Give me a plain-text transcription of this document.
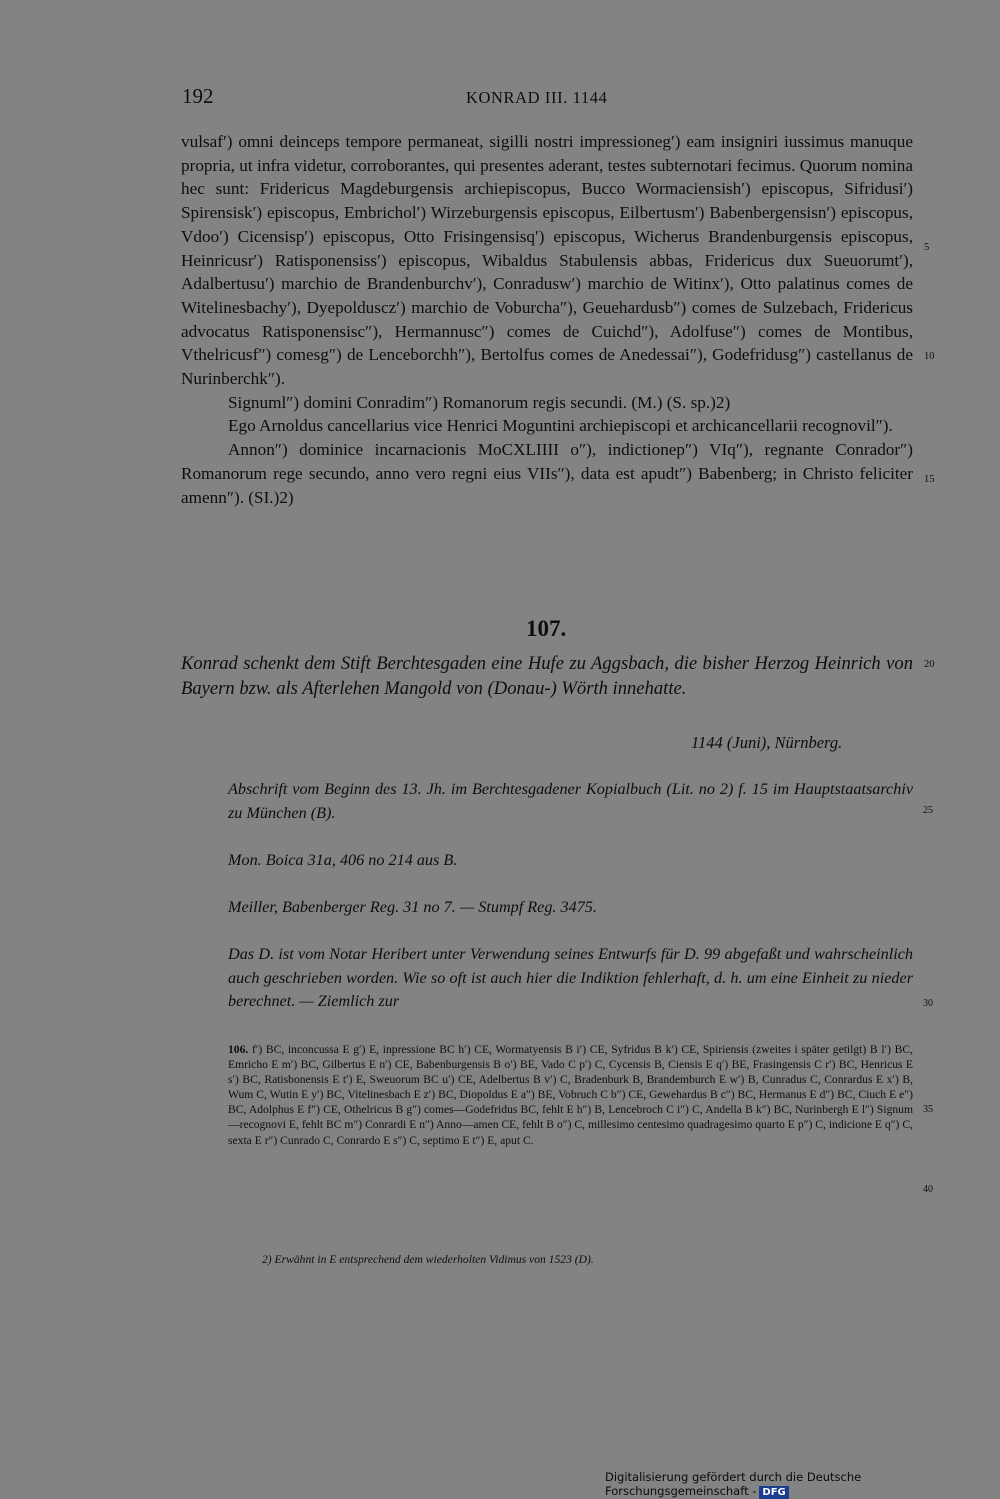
192	KONRAD III. 1144

vulsaf′) omni deinceps tempore permaneat, sigilli nostri impressioneg′) eam insigniri iussimus manuque propria, ut infra videtur, corroborantes, qui presentes aderant, testes subternotari fecimus. Quorum nomina hec sunt: Fridericus Magdeburgensis archiepiscopus, Bucco Wormaciensish′) episcopus, Sifridusi′) Spirensisk′) episcopus, Embrichol′) Wirzeburgensis episcopus, Eilbertusm′) Babenbergensisn′) episcopus, Vdoo′) Cicensisp′) episcopus, Otto Frisingensisq′) episcopus, Wicherus Brandenburgensis episcopus, Heinricusr′) Ratisponensiss′) episcopus, Wibaldus Stabulensis abbas, Fridericus dux Sueuorumt′), Adalbertusu′) marchio de Brandenburchv′), Conradusw′) marchio de Witinx′), Otto palatinus comes de Witelinesbachy′), Dyepolduscz′) marchio de Voburcha″), Geuehardusb″) comes de Sulzebach, Fridericus advocatus Ratisponensisc″), Hermannusc″) comes de Cuichd″), Adolfuse″) comes de Montibus, Vthelricusf″) comesg″) de Lenceborchh″), Bertolfus comes de Anedessai″), Godefridusg″) castellanus de Nurinberchk″).

Signuml″) domini Conradim″) Romanorum regis secundi. (M.) (S. sp.)2)

Ego Arnoldus cancellarius vice Henrici Moguntini archiepiscopi et archicancellarii recognovil″).

Annon″) dominice incarnacionis MoCXLIIII o″), indictionep″) VIq″), regnante Conrador″) Romanorum rege secundo, anno vero regni eius VIIs″), data est apudt″) Babenberg; in Christo feliciter amenn″). (SI.)2)

5
10
15
20
25
30
35
40
107.
Konrad schenkt dem Stift Berchtesgaden eine Hufe zu Aggsbach, die bisher Herzog Heinrich von Bayern bzw. als Afterlehen Mangold von (Donau-) Wörth innehatte.
1144 (Juni), Nürnberg.
Abschrift vom Beginn des 13. Jh. im Berchtesgadener Kopialbuch (Lit. no 2) f. 15 im Hauptstaatsarchiv zu München (B).
Mon. Boica 31a, 406 no 214 aus B.
Meiller, Babenberger Reg. 31 no 7. — Stumpf Reg. 3475.
Das D. ist vom Notar Heribert unter Verwendung seines Entwurfs für D. 99 abgefaßt und wahrscheinlich auch geschrieben worden. Wie so oft ist auch hier die Indiktion fehlerhaft, d. h. um eine Einheit zu nieder berechnet. — Ziemlich zur
106. f′) BC, inconcussa E g′) E, inpressione BC h′) CE, Wormatyensis B i′) CE, Syfridus B k′) CE, Spiriensis (zweites i später getilgt) B l′) BC, Emricho E m′) BC, Gilbertus E n′) CE, Babenburgensis B o′) BE, Vado C p′) C, Cycensis B, Ciensis E q′) BE, Frasingensis C r′) BC, Henricus E s′) BC, Ratisbonensis E t′) E, Sweuorum BC u′) CE, Adelbertus B v′) C, Bradenburk B, Brandemburch E w′) B, Cunradus C, Conrardus E x′) B, Wum C, Wutin E y′) BC, Vitelinesbach E z′) BC, Diopoldus E a″) BE, Vobruch C b″) CE, Gewehardus B c″) BC, Hermanus E d″) BC, Ciuch E e″) BC, Adolphus E f″) CE, Othelricus B g″) comes—Godefridus BC, fehlt E h″) B, Lencebroch C i″) C, Andella B k″) BC, Nurinbergh E l″) Signum—recognovi E, fehlt BC m″) Conrardi E n″) Anno—amen CE, fehlt B o″) C, millesimo centesimo quadragesimo quarto E p″) C, indicione E q″) C, sexta E r″) Cunrado C, Conrardo E s″) C, septimo E t″) E, aput C.
2) Erwähnt in E entsprechend dem wiederholten Vidimus von 1523 (D).
Digitalisierung gefördert durch die Deutsche Forschungsgemeinschaft - DFG
